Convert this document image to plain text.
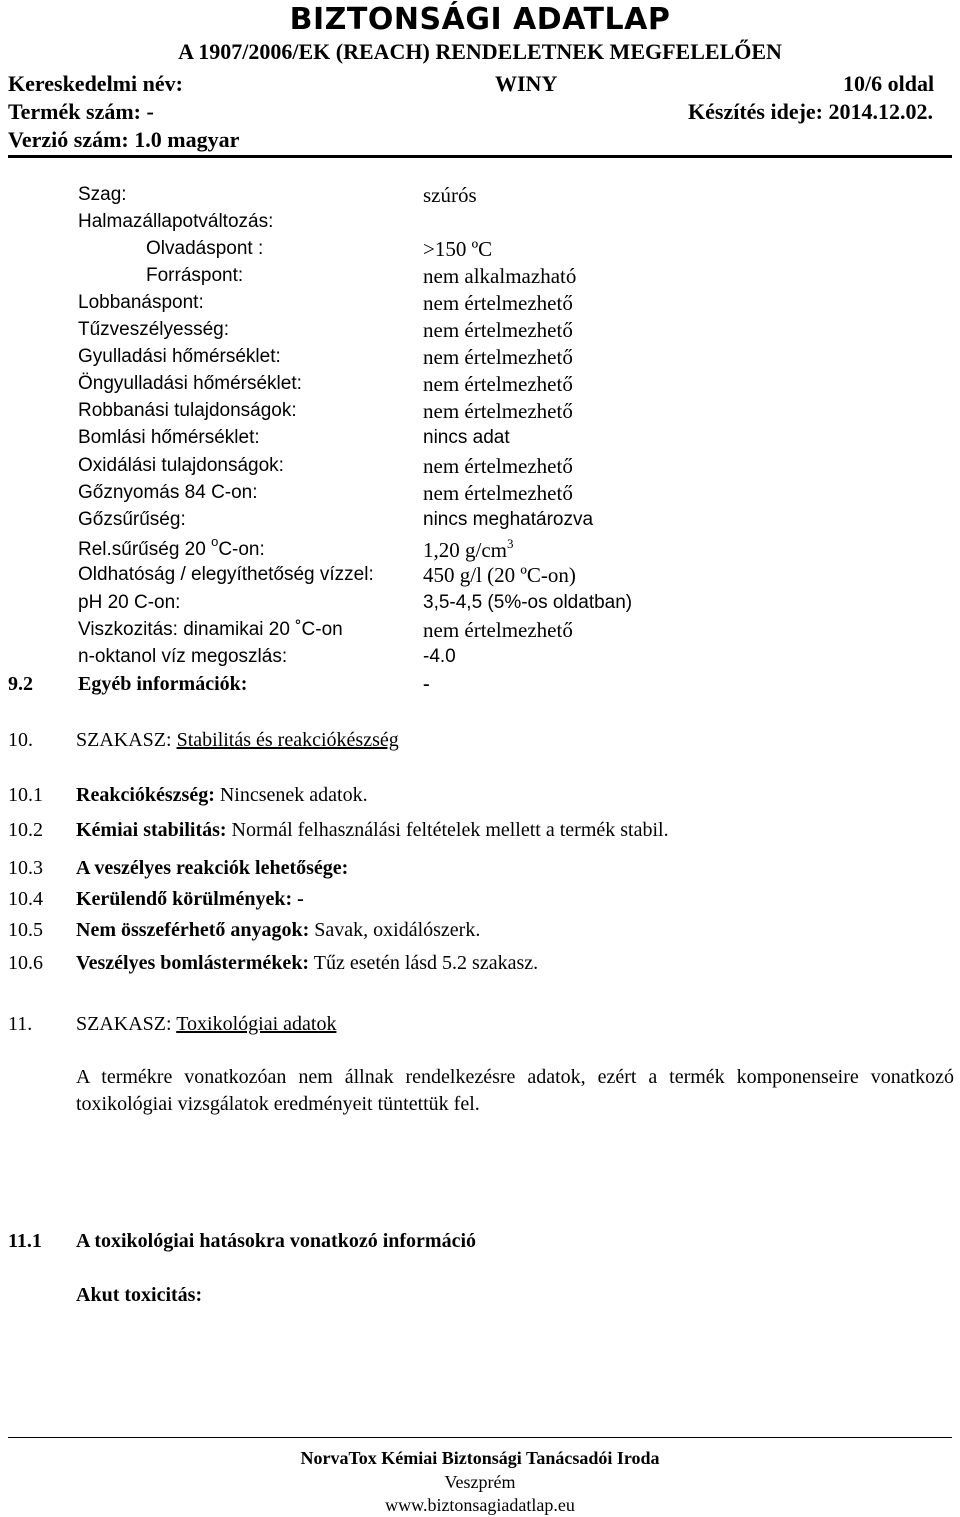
BIZTONSÁGI ADATLAP
A 1907/2006/EK (REACH) RENDELETNEK MEGFELELŐEN
Kereskedelmi név:	WINY	10/6 oldal
Termék szám: -	Készítés ideje: 2014.12.02.
Verzió szám: 1.0 magyar
Szag:	szúrós
Halmazállapotváltozás:
Olvadáspont :	>150 ºC
Forráspont:	nem alkalmazható
Lobbanáspont:	nem értelmezhető
Tűzveszélyesség:	nem értelmezhető
Gyulladási hőmérséklet:	nem értelmezhető
Öngyulladási hőmérséklet:	nem értelmezhető
Robbanási tulajdonságok:	nem értelmezhető
Bomlási hőmérséklet:	nincs adat
Oxidálási tulajdonságok:	nem értelmezhető
Gőznyomás 84 C-on:	nem értelmezhető
Gőzsűrűség:	nincs meghatározva
Rel.sűrűség 20 $^o$C-on:	1,20 $g/cm^3$
Oldhatóság / elegyíthetőség vízzel: 450 g/l (20 ºC-on)
pH 20 C-on:	3,5-4,5 (5%-os oldatban)
Viszkozitás: dinamikai 20 ˚C-on	nem értelmezhető
n-oktanol víz megoszlás:	-4.0
9.2 Egyéb információk:	-
10. SZAKASZ: Stabilitás és reakciókészség
10.1 Reakciókészség: Nincsenek adatok.
10.2 Kémiai stabilitás: Normál felhasználási feltételek mellett a termék stabil.
10.3 A veszélyes reakciók lehetősége:
10.4 Kerülendő körülmények: -
10.5 Nem összeférhető anyagok: Savak, oxidálószerk.
10.6 Veszélyes bomlástermékek: Tűz esetén lásd 5.2 szakasz.
11. SZAKASZ: Toxikológiai adatok
A termékre vonatkozóan nem állnak rendelkezésre adatok, ezért a termék komponenseire vonatkozó toxikológiai vizsgálatok eredményeit tüntettük fel.
11.1 A toxikológiai hatásokra vonatkozó információ
Akut toxicitás:
NorvaTox Kémiai Biztonsági Tanácsadói Iroda
Veszprém
www.biztonsagiadatlap.eu
